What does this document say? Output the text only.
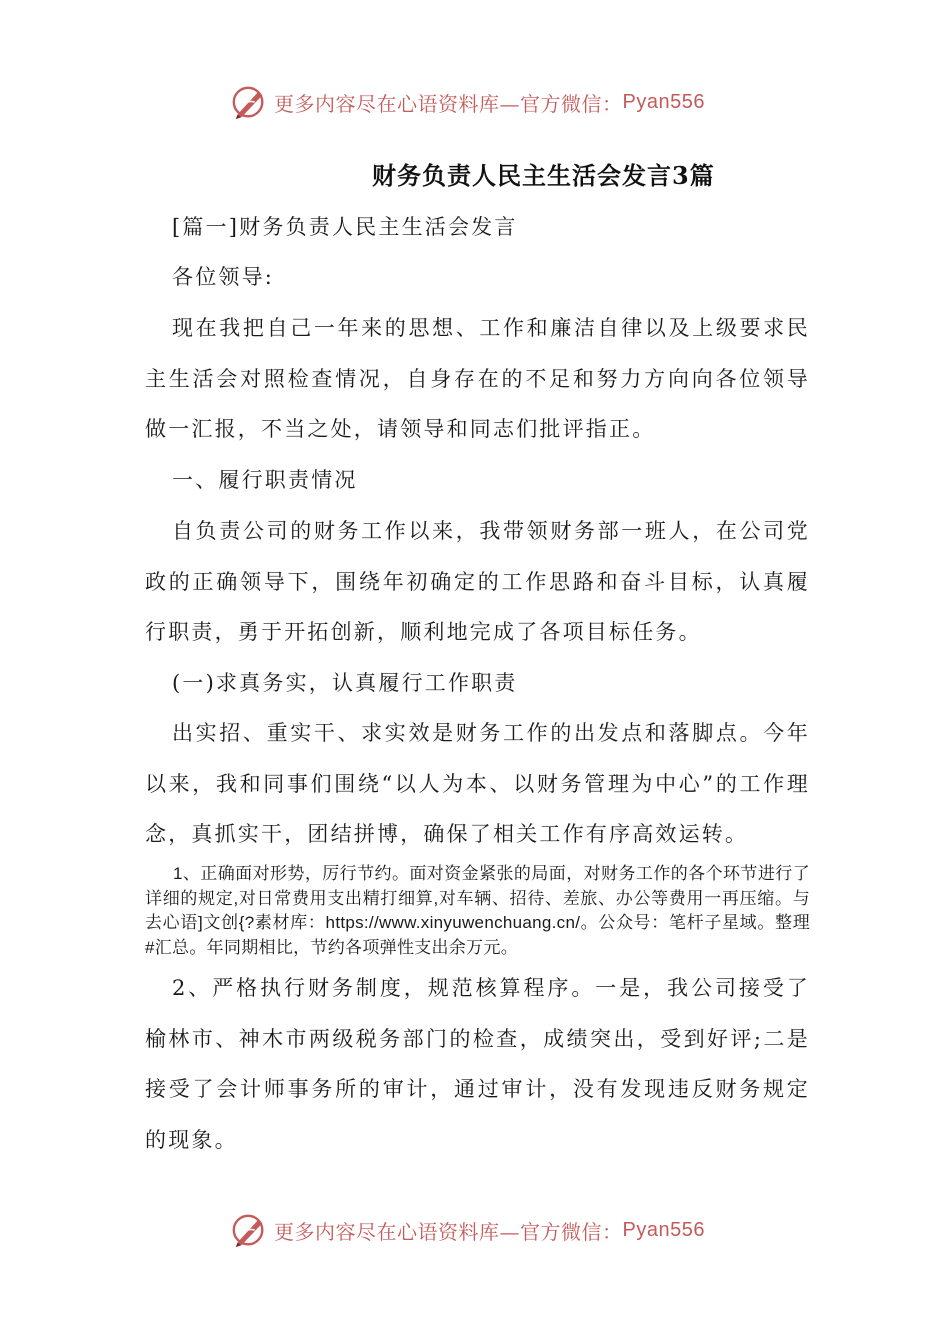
更多内容尽在心语资料库—官方微信： Pyan556
财务负责人民主生活会发言3篇

[篇一]财务负责人民主生活会发言

各位领导:

现在我把自己一年来的思想、工作和廉洁自律以及上级要求民主生活会对照检查情况，自身存在的不足和努力方向向各位领导做一汇报，不当之处，请领导和同志们批评指正。

一、履行职责情况

自负责公司的财务工作以来，我带领财务部一班人，在公司党政的正确领导下，围绕年初确定的工作思路和奋斗目标，认真履行职责，勇于开拓创新，顺利地完成了各项目标任务。

(一)求真务实，认真履行工作职责

出实招、重实干、求实效是财务工作的出发点和落脚点。今年以来，我和同事们围绕“以人为本、以财务管理为中心”的工作理念，真抓实干，团结拼博，确保了相关工作有序高效运转。

1、正确面对形势，厉行节约。面对资金紧张的局面，对财务工作的各个环节进行了详细的规定,对日常费用支出精打细算,对车辆、招待、差旅、办公等费用一再压缩。与去心语]文创{?素材库：https://www.xinyuwenchuang.cn/。公众号：笔杆子星域。整理#汇总。年同期相比，节约各项弹性支出余万元。

2、严格执行财务制度，规范核算程序。一是，我公司接受了榆林市、神木市两级税务部门的检查，成绩突出，受到好评;二是接受了会计师事务所的审计，通过审计，没有发现违反财务规定的现象。

更多内容尽在心语资料库—官方微信： Pyan556
